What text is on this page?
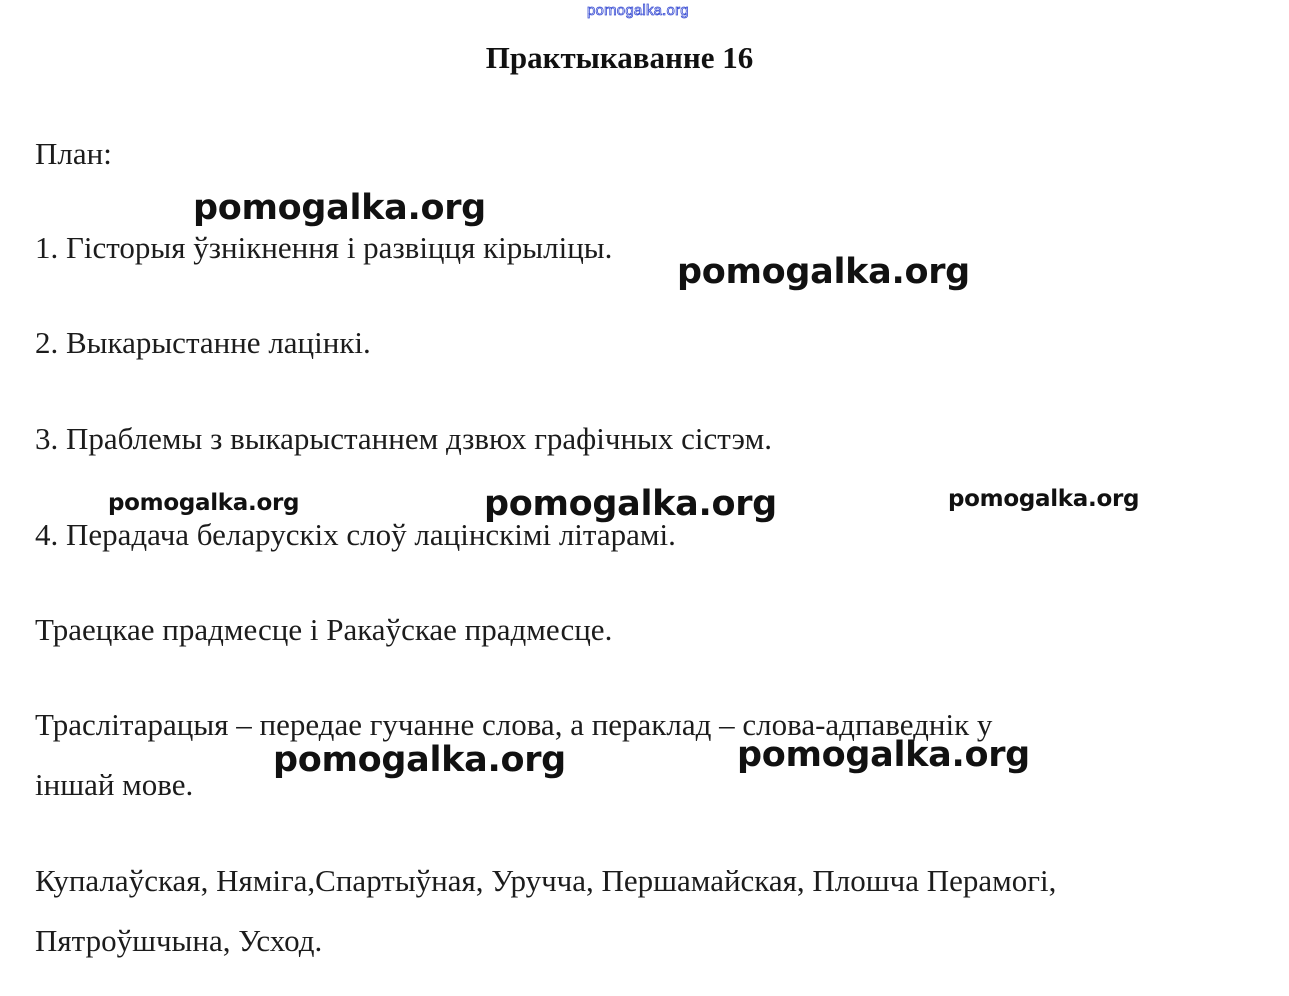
pomogalka.org
Практыкаванне 16
План:
1. Гісторыя ўзнікнення і развіцця кірыліцы.
2. Выкарыстанне лацінкі.
3. Праблемы з выкарыстаннем дзвюх графічных сістэм.
4. Перадача беларускіх слоў лацінскімі літарамі.
Траецкае прадмесце і Ракаўскае прадмесце.
Траслітарацыя – передае гучанне слова, а пераклад – слова-адпаведнік у
іншай мове.
Купалаўская, Няміга,Спартыўная, Уручча, Першамайская, Плошча Перамогі,
Пятроўшчына, Усход.
pomogalka.org
pomogalka.org
pomogalka.org	pomogalka.org	pomogalka.org
pomogalka.org	pomogalka.org
